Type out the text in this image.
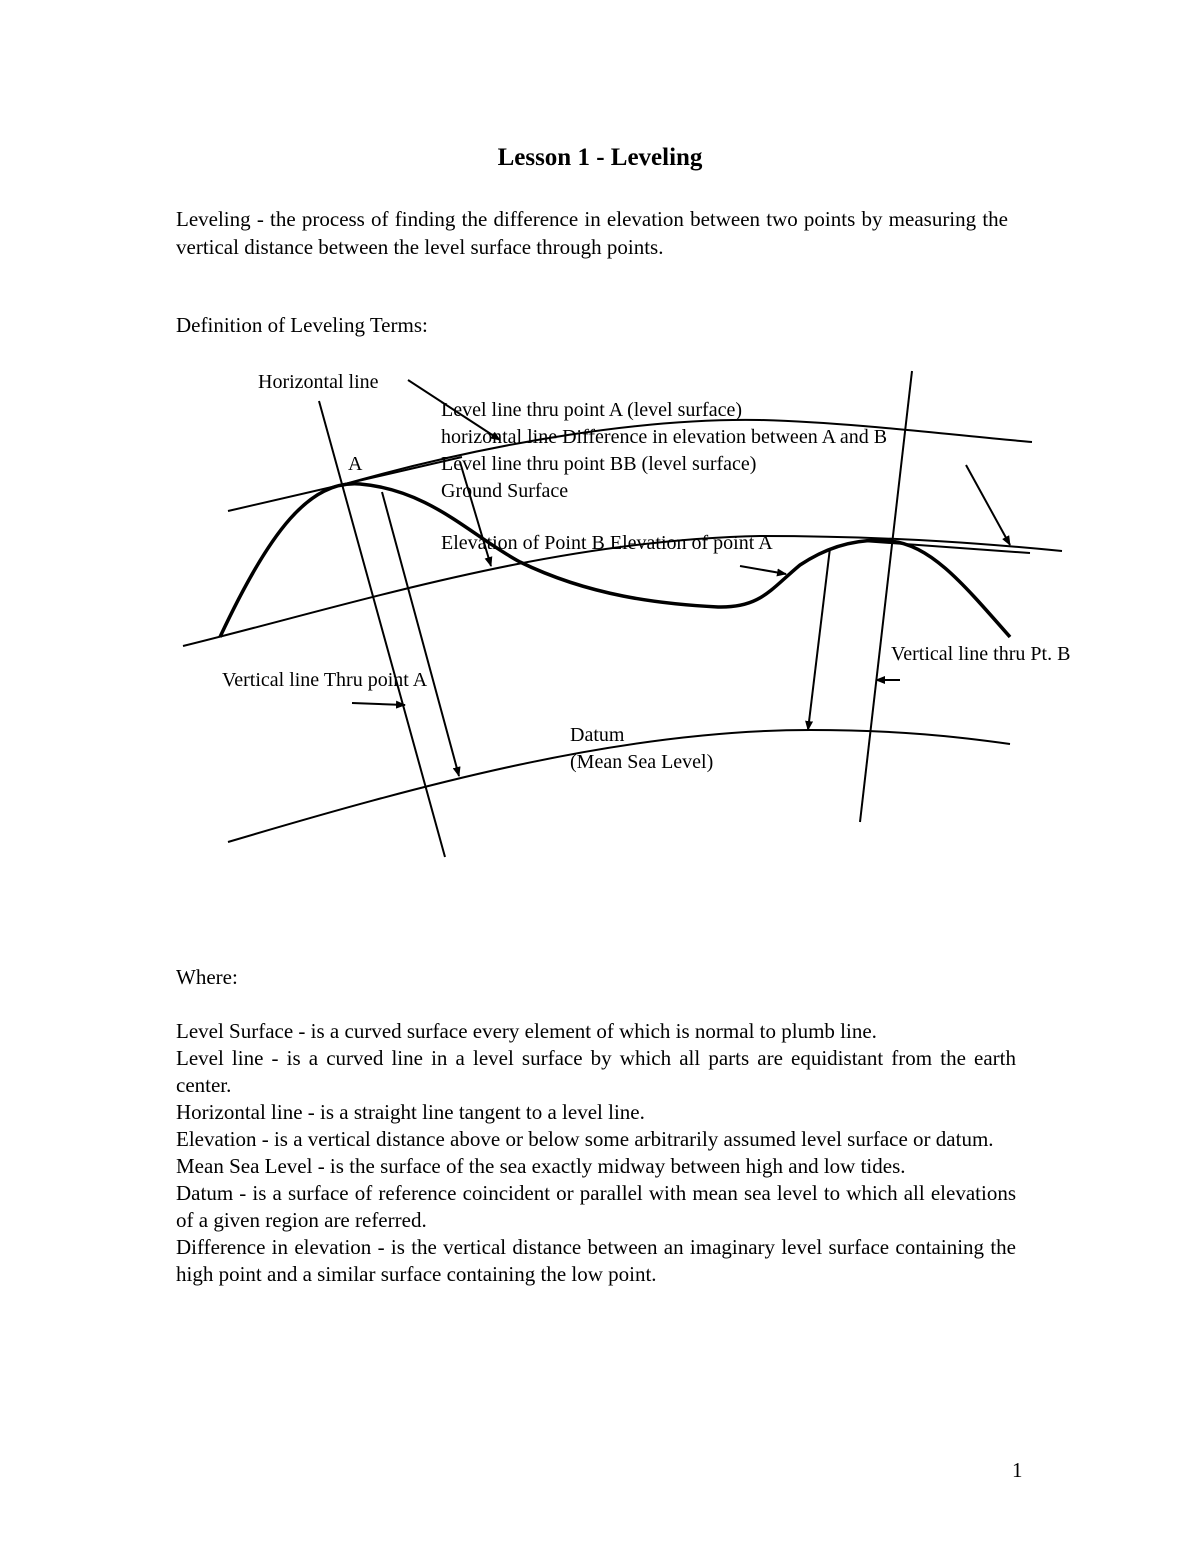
Lesson 1 - Leveling
Leveling - the process of finding the difference in elevation between two points by measuring the vertical distance between the level surface through points.
Definition of Leveling Terms:
Horizontal line
Level line thru point A (level surface)
horizontal line Difference in elevation between A and B
A	Level line thru point BB (level surface)
Ground Surface
Elevation of Point B Elevation of point A
Vertical line thru Pt. B
Vertical line Thru point A
Datum
(Mean Sea Level)
Where:
Level Surface - is a curved surface every element of which is normal to plumb line.
Level line - is a curved line in a level surface by which all parts are equidistant from the earth center.
Horizontal line - is a straight line tangent to a level line.
Elevation - is a vertical distance above or below some arbitrarily assumed level surface or datum.
Mean Sea Level - is the surface of the sea exactly midway between high and low tides.
Datum - is a surface of reference coincident or parallel with mean sea level to which all elevations of a given region are referred.
Difference in elevation - is the vertical distance between an imaginary level surface containing the high point and a similar surface containing the low point.
1
